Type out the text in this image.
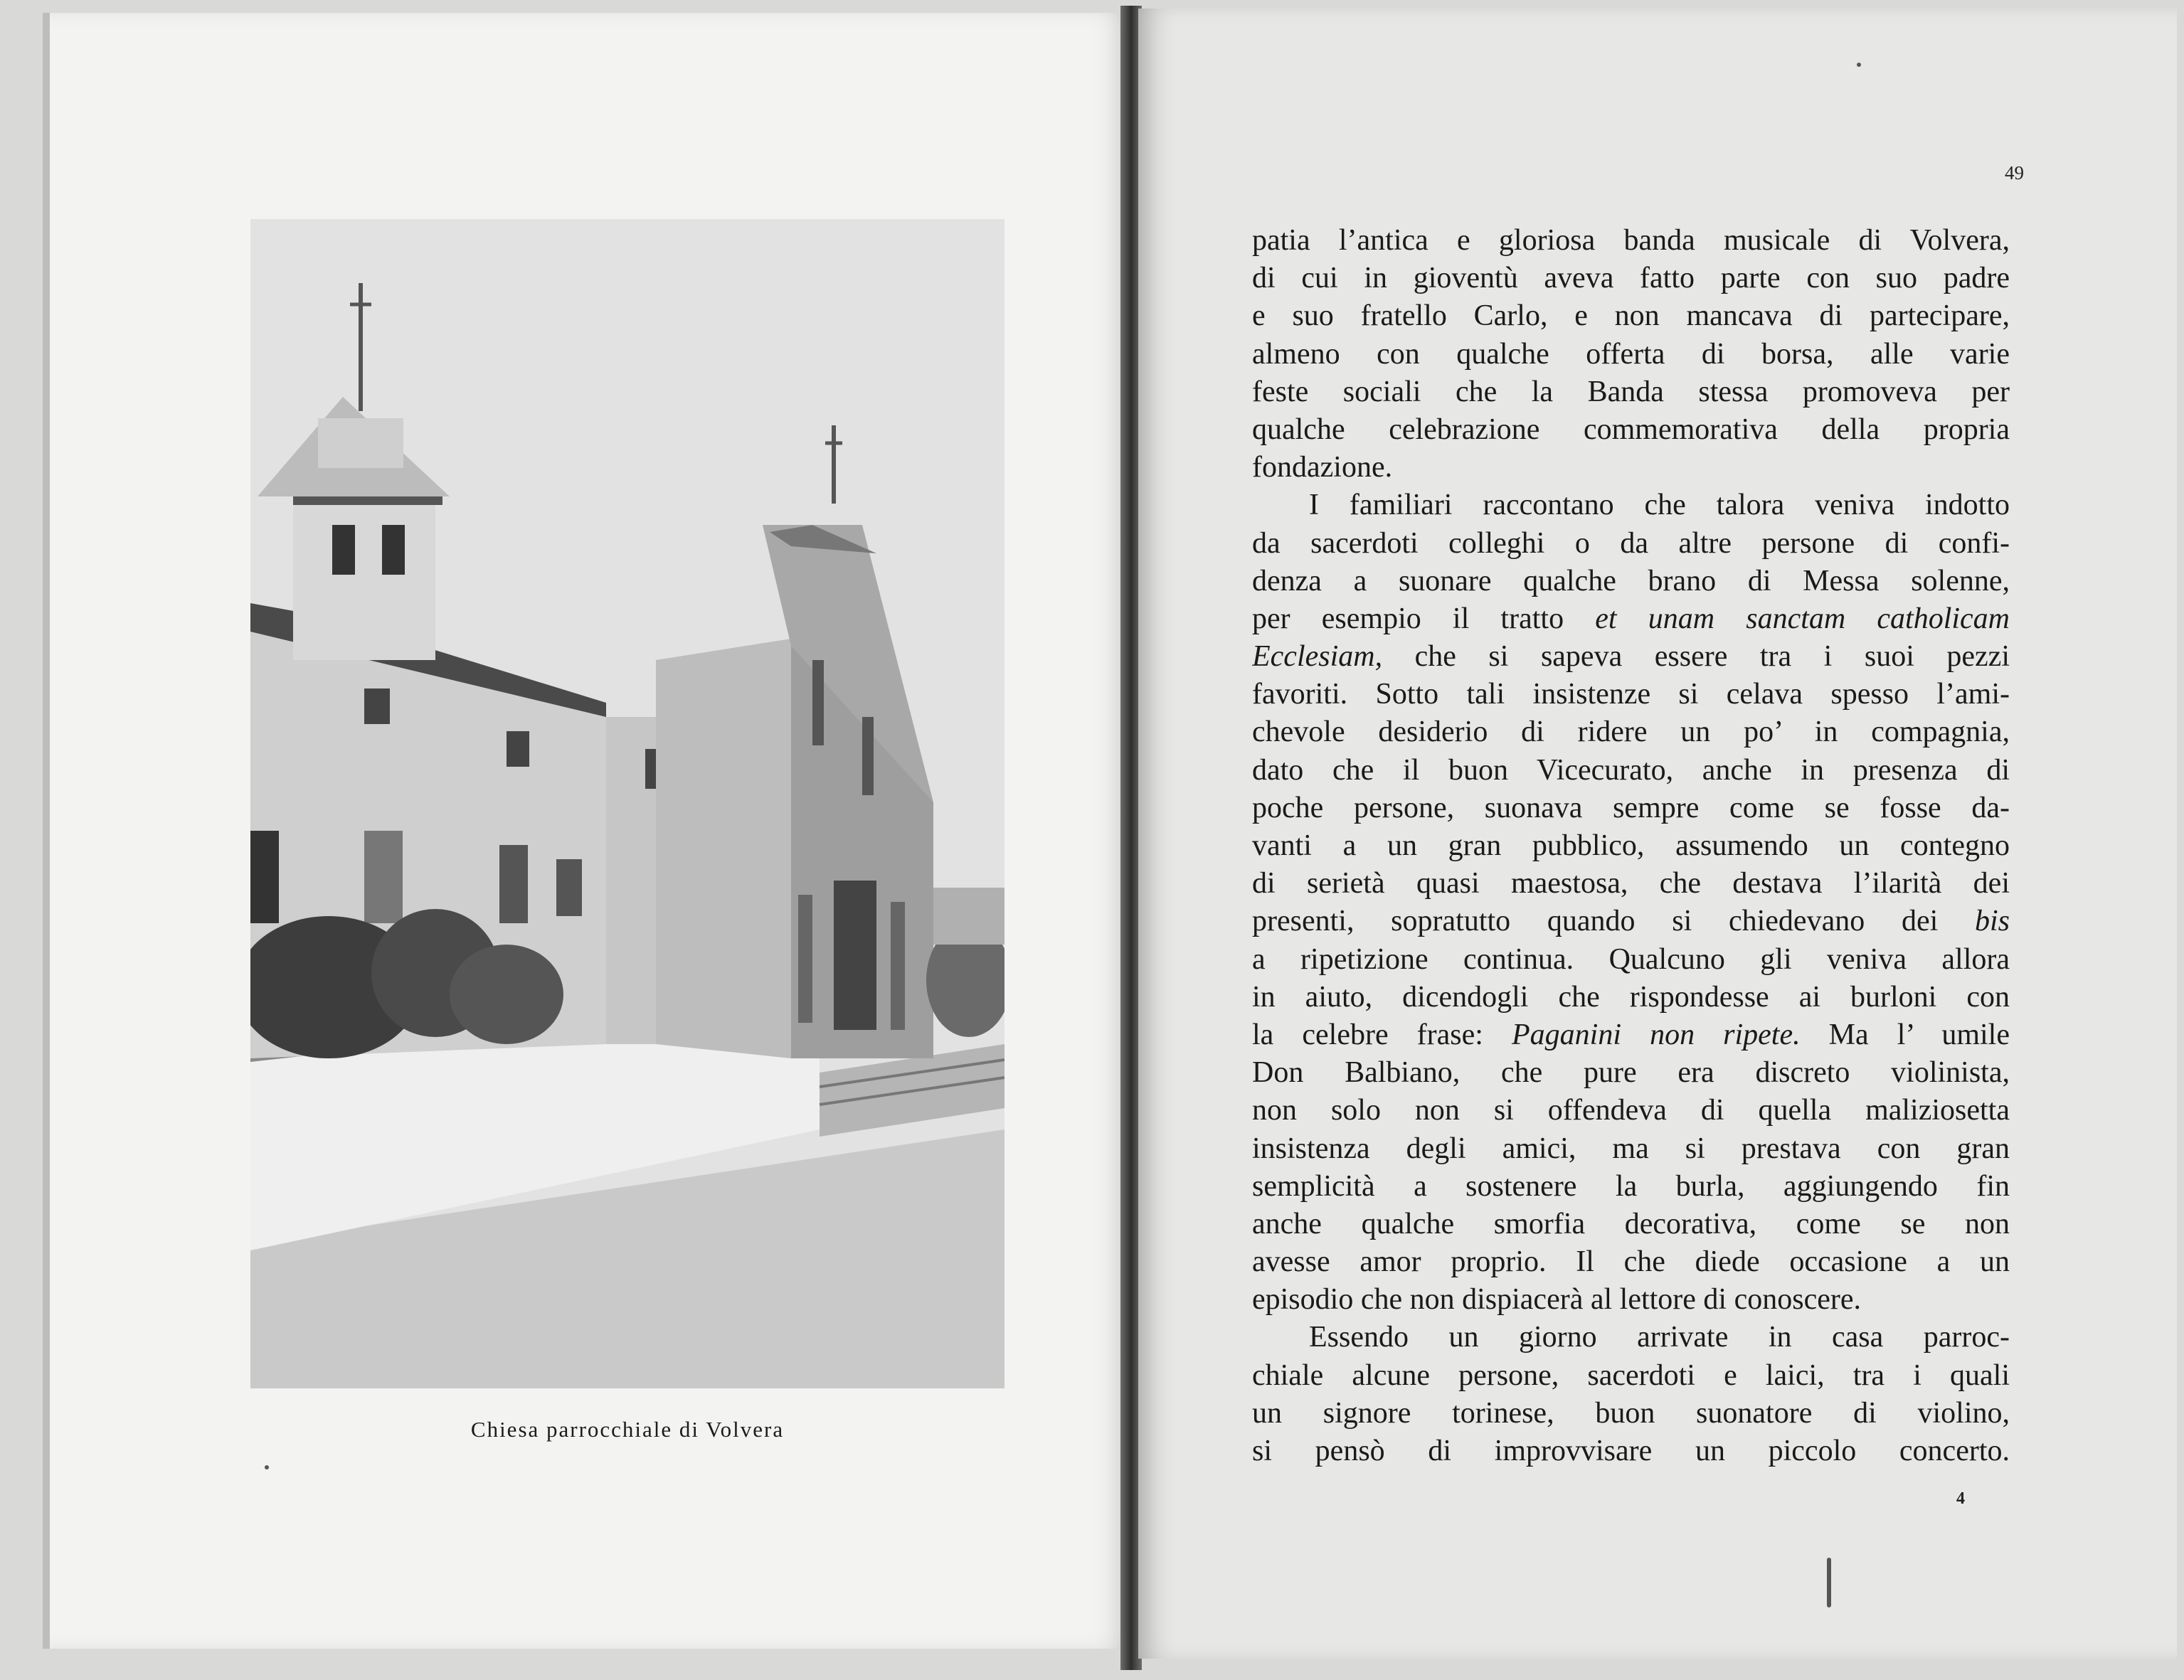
Chiesa parrocchiale di Volvera
49
patia l’antica e gloriosa banda musicale di Volvera,
di cui in gioventù aveva fatto parte con suo padre
e suo fratello Carlo, e non mancava di partecipare,
almeno con qualche offerta di borsa, alle varie
feste sociali che la Banda stessa promoveva per
qualche celebrazione commemorativa della propria
fondazione.
I familiari raccontano che talora veniva indotto
da sacerdoti colleghi o da altre persone di confi-
denza a suonare qualche brano di Messa solenne,
per esempio il tratto et unam sanctam catholicam
Ecclesiam, che si sapeva essere tra i suoi pezzi
favoriti. Sotto tali insistenze si celava spesso l’ami-
chevole desiderio di ridere un po’ in compagnia,
dato che il buon Vicecurato, anche in presenza di
poche persone, suonava sempre come se fosse da-
vanti a un gran pubblico, assumendo un contegno
di serietà quasi maestosa, che destava l’ilarità dei
presenti, sopratutto quando si chiedevano dei bis
a ripetizione continua. Qualcuno gli veniva allora
in aiuto, dicendogli che rispondesse ai burloni con
la celebre frase: Paganini non ripete. Ma l’ umile
Don Balbiano, che pure era discreto violinista,
non solo non si offendeva di quella maliziosetta
insistenza degli amici, ma si prestava con gran
semplicità a sostenere la burla, aggiungendo fin
anche qualche smorfia decorativa, come se non
avesse amor proprio. Il che diede occasione a un
episodio che non dispiacerà al lettore di conoscere.
Essendo un giorno arrivate in casa parroc-
chiale alcune persone, sacerdoti e laici, tra i quali
un signore torinese, buon suonatore di violino,
si pensò di improvvisare un piccolo concerto.
4
